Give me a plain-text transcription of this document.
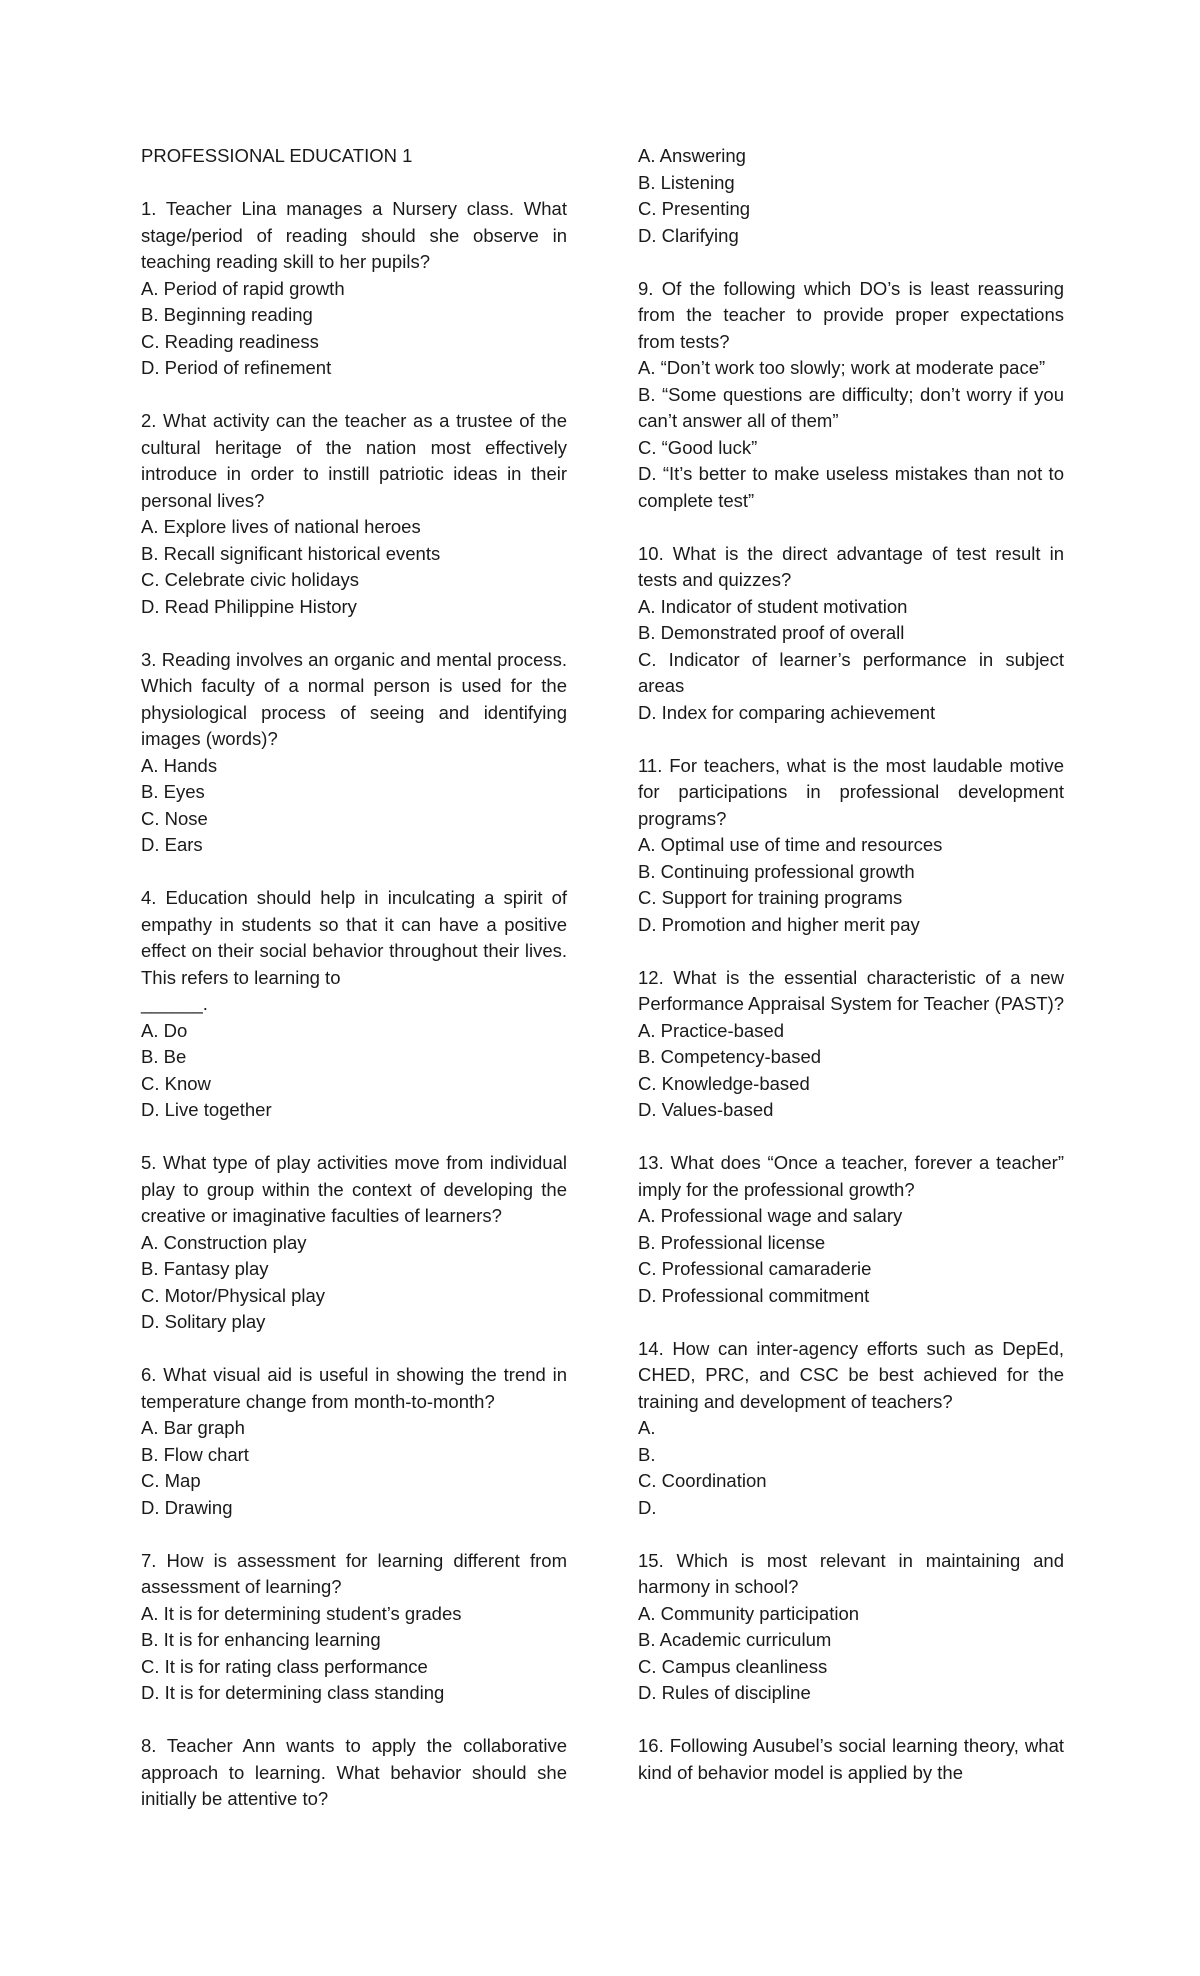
PROFESSIONAL EDUCATION 1

1. Teacher Lina manages a Nursery class. What stage/period of reading should she observe in teaching reading skill to her pupils?
A. Period of rapid growth
B. Beginning reading
C. Reading readiness
D. Period of refinement
2. What activity can the teacher as a trustee of the cultural heritage of the nation most effectively introduce in order to instill patriotic ideas in their personal lives?
A. Explore lives of national heroes
B. Recall significant historical events
C. Celebrate civic holidays
D. Read Philippine History
3. Reading involves an organic and mental process. Which faculty of a normal person is used for the physiological process of seeing and identifying images (words)?
A. Hands
B. Eyes
C. Nose
D. Ears
4. Education should help in inculcating a spirit of empathy in students so that it can have a positive effect on their social behavior throughout their lives. This refers to learning to
______.
A. Do
B. Be
C. Know
D. Live together
5. What type of play activities move from individual play to group within the context of developing the creative or imaginative faculties of learners?
A. Construction play
B. Fantasy play
C. Motor/Physical play
D. Solitary play
6. What visual aid is useful in showing the trend in temperature change from month-to-month?
A. Bar graph
B. Flow chart
C. Map
D. Drawing
7. How is assessment for learning different from assessment of learning?
A. It is for determining student’s grades
B. It is for enhancing learning
C. It is for rating class performance
D. It is for determining class standing
8. Teacher Ann wants to apply the collaborative approach to learning. What behavior should she initially be attentive to?
A. Answering
B. Listening
C. Presenting
D. Clarifying
9. Of the following which DO’s is least reassuring from the teacher to provide proper expectations from tests?
A. “Don’t work too slowly; work at moderate pace”
B. “Some questions are difficulty; don’t worry if you can’t answer all of them”
C. “Good luck”
D. “It’s better to make useless mistakes than not to complete test”
10. What is the direct advantage of test result in tests and quizzes?
A. Indicator of student motivation
B. Demonstrated proof of overall
C. Indicator of learner’s performance in subject areas
D. Index for comparing achievement
11. For teachers, what is the most laudable motive for participations in professional development programs?
A. Optimal use of time and resources
B. Continuing professional growth
C. Support for training programs
D. Promotion and higher merit pay
12. What is the essential characteristic of a new Performance Appraisal System for Teacher (PAST)?
A. Practice-based
B. Competency-based
C. Knowledge-based
D. Values-based
13. What does “Once a teacher, forever a teacher” imply for the professional growth?
A. Professional wage and salary
B. Professional license
C. Professional camaraderie
D. Professional commitment
14. How can inter-agency efforts such as DepEd, CHED, PRC, and CSC be best achieved for the training and development of teachers?
A.
B.
C. Coordination
D.
15. Which is most relevant in maintaining and harmony in school?
A. Community participation
B. Academic curriculum
C. Campus cleanliness
D. Rules of discipline
16. Following Ausubel’s social learning theory, what kind of behavior model is applied by the
